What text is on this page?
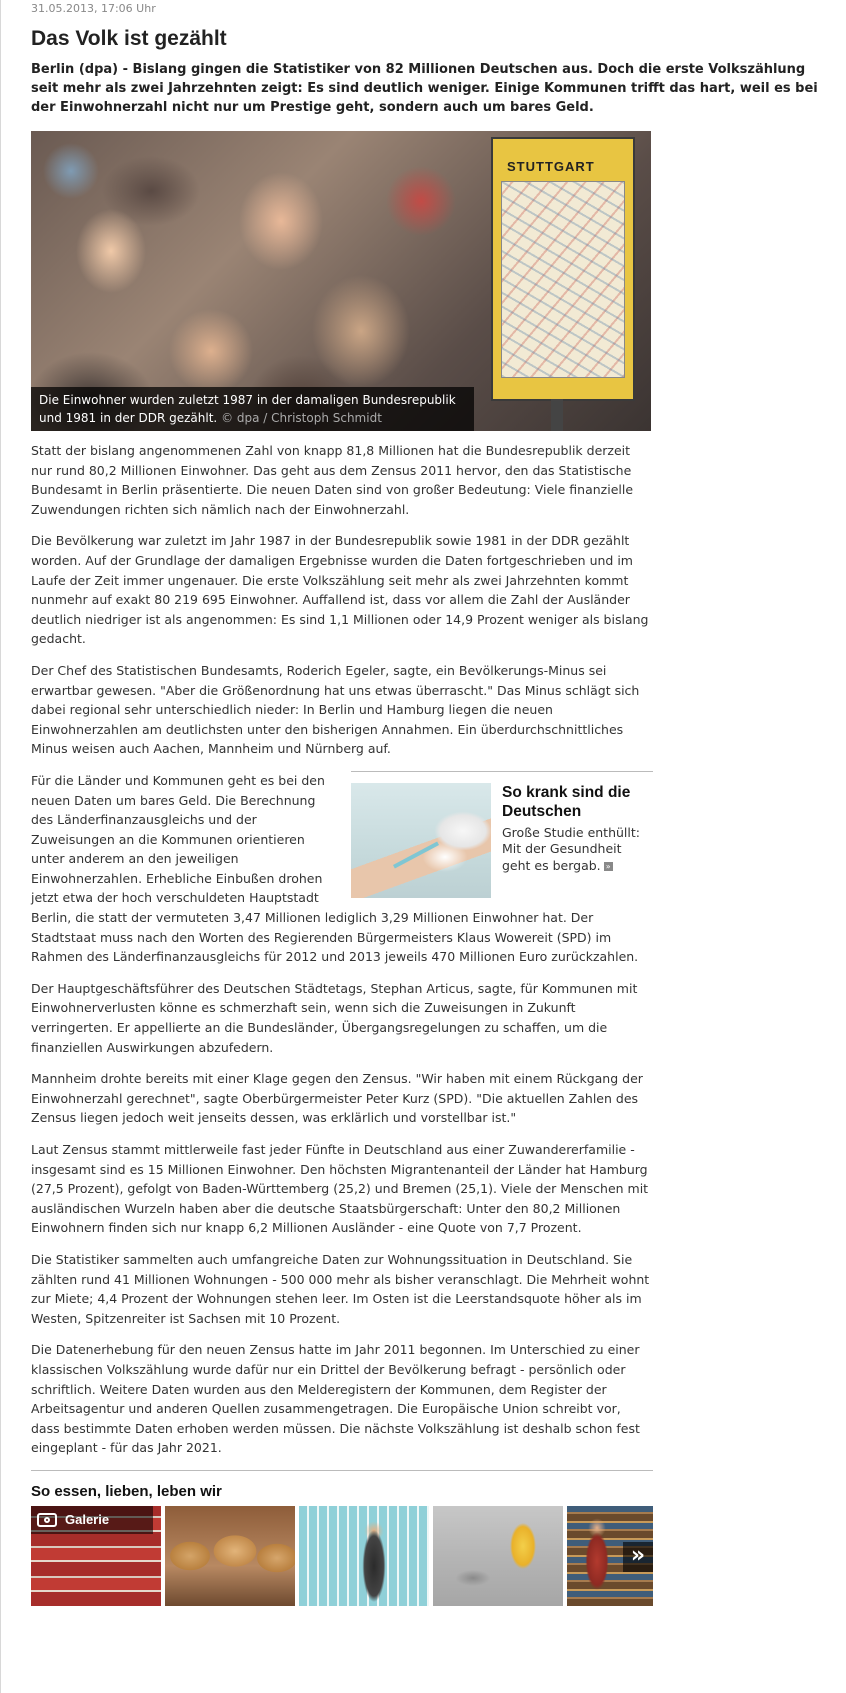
31.05.2013, 17:06 Uhr
Das Volk ist gezählt
Berlin (dpa) - Bislang gingen die Statistiker von 82 Millionen Deutschen aus. Doch die erste Volkszählung seit mehr als zwei Jahrzehnten zeigt: Es sind deutlich weniger. Einige Kommunen trifft das hart, weil es bei der Einwohnerzahl nicht nur um Prestige geht, sondern auch um bares Geld.
STUTTGART
Die Einwohner wurden zuletzt 1987 in der damaligen Bundesrepublik und 1981 in der DDR gezählt. © dpa / Christoph Schmidt

Statt der bislang angenommenen Zahl von knapp 81,8 Millionen hat die Bundesrepublik derzeit nur rund 80,2 Millionen Einwohner. Das geht aus dem Zensus 2011 hervor, den das Statistische Bundesamt in Berlin präsentierte. Die neuen Daten sind von großer Bedeutung: Viele finanzielle Zuwendungen richten sich nämlich nach der Einwohnerzahl.

Die Bevölkerung war zuletzt im Jahr 1987 in der Bundesrepublik sowie 1981 in der DDR gezählt worden. Auf der Grundlage der damaligen Ergebnisse wurden die Daten fortgeschrieben und im Laufe der Zeit immer ungenauer. Die erste Volkszählung seit mehr als zwei Jahrzehnten kommt nunmehr auf exakt 80 219 695 Einwohner. Auffallend ist, dass vor allem die Zahl der Ausländer deutlich niedriger ist als angenommen: Es sind 1,1 Millionen oder 14,9 Prozent weniger als bislang gedacht.

Der Chef des Statistischen Bundesamts, Roderich Egeler, sagte, ein Bevölkerungs-Minus sei erwartbar gewesen. "Aber die Größenordnung hat uns etwas überrascht." Das Minus schlägt sich dabei regional sehr unterschiedlich nieder: In Berlin und Hamburg liegen die neuen Einwohnerzahlen am deutlichsten unter den bisherigen Annahmen. Ein überdurchschnittliches Minus weisen auch Aachen, Mannheim und Nürnberg auf.

So krank sind die Deutschen
Große Studie enthüllt: Mit der Gesundheit geht es bergab. »

Für die Länder und Kommunen geht es bei den neuen Daten um bares Geld. Die Berechnung des Länderfinanzausgleichs und der Zuweisungen an die Kommunen orientieren unter anderem an den jeweiligen Einwohnerzahlen. Erhebliche Einbußen drohen jetzt etwa der hoch verschuldeten Hauptstadt Berlin, die statt der vermuteten 3,47 Millionen lediglich 3,29 Millionen Einwohner hat. Der Stadtstaat muss nach den Worten des Regierenden Bürgermeisters Klaus Wowereit (SPD) im Rahmen des Länderfinanzausgleichs für 2012 und 2013 jeweils 470 Millionen Euro zurückzahlen.

Der Hauptgeschäftsführer des Deutschen Städtetags, Stephan Articus, sagte, für Kommunen mit Einwohnerverlusten könne es schmerzhaft sein, wenn sich die Zuweisungen in Zukunft verringerten. Er appellierte an die Bundesländer, Übergangsregelungen zu schaffen, um die finanziellen Auswirkungen abzufedern.

Mannheim drohte bereits mit einer Klage gegen den Zensus. "Wir haben mit einem Rückgang der Einwohnerzahl gerechnet", sagte Oberbürgermeister Peter Kurz (SPD). "Die aktuellen Zahlen des Zensus liegen jedoch weit jenseits dessen, was erklärlich und vorstellbar ist."

Laut Zensus stammt mittlerweile fast jeder Fünfte in Deutschland aus einer Zuwandererfamilie - insgesamt sind es 15 Millionen Einwohner. Den höchsten Migrantenanteil der Länder hat Hamburg (27,5 Prozent), gefolgt von Baden-Württemberg (25,2) und Bremen (25,1). Viele der Menschen mit ausländischen Wurzeln haben aber die deutsche Staatsbürgerschaft: Unter den 80,2 Millionen Einwohnern finden sich nur knapp 6,2 Millionen Ausländer - eine Quote von 7,7 Prozent.

Die Statistiker sammelten auch umfangreiche Daten zur Wohnungssituation in Deutschland. Sie zählten rund 41 Millionen Wohnungen - 500 000 mehr als bisher veranschlagt. Die Mehrheit wohnt zur Miete; 4,4 Prozent der Wohnungen stehen leer. Im Osten ist die Leerstandsquote höher als im Westen, Spitzenreiter ist Sachsen mit 10 Prozent.

Die Datenerhebung für den neuen Zensus hatte im Jahr 2011 begonnen. Im Unterschied zu einer klassischen Volkszählung wurde dafür nur ein Drittel der Bevölkerung befragt - persönlich oder schriftlich. Weitere Daten wurden aus den Melderegistern der Kommunen, dem Register der Arbeitsagentur und anderen Quellen zusammengetragen. Die Europäische Union schreibt vor, dass bestimmte Daten erhoben werden müssen. Die nächste Volkszählung ist deshalb schon fest eingeplant - für das Jahr 2021.

So essen, lieben, leben wir
Galerie
»
